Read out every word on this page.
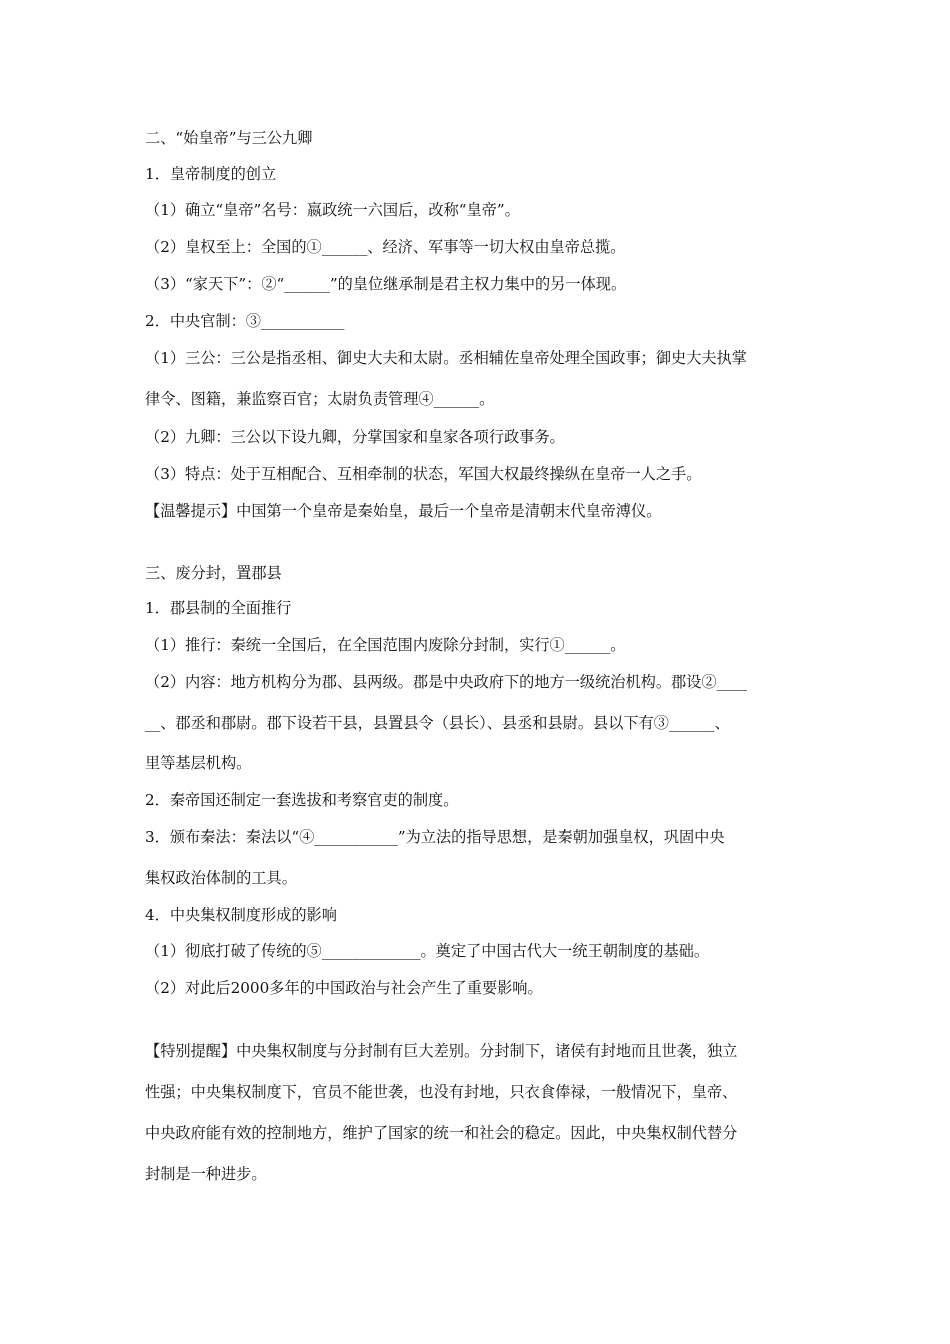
二、“始皇帝”与三公九卿

1．皇帝制度的创立

（1）确立“皇帝”名号：嬴政统一六国后，改称“皇帝”。

（2）皇权至上：全国的①______、经济、军事等一切大权由皇帝总揽。

（3）“家天下”：②“______”的皇位继承制是君主权力集中的另一体现。

2．中央官制：③___________

（1）三公：三公是指丞相、御史大夫和太尉。丞相辅佐皇帝处理全国政事；御史大夫执掌

律令、图籍，兼监察百官；太尉负责管理④______。

（2）九卿：三公以下设九卿，分掌国家和皇家各项行政事务。

（3）特点：处于互相配合、互相牵制的状态，军国大权最终操纵在皇帝一人之手。

【温馨提示】中国第一个皇帝是秦始皇，最后一个皇帝是清朝末代皇帝溥仪。

三、废分封，置郡县

1．郡县制的全面推行

（1）推行：秦统一全国后，在全国范围内废除分封制，实行①______。

（2）内容：地方机构分为郡、县两级。郡是中央政府下的地方一级统治机构。郡设②____

__、郡丞和郡尉。郡下设若干县，县置县令（县长）、县丞和县尉。县以下有③______、

里等基层机构。

2．秦帝国还制定一套选拔和考察官吏的制度。

3．颁布秦法：秦法以“④___________”为立法的指导思想，是秦朝加强皇权，巩固中央

集权政治体制的工具。

4．中央集权制度形成的影响

（1）彻底打破了传统的⑤_____________。奠定了中国古代大一统王朝制度的基础。

（2）对此后2000多年的中国政治与社会产生了重要影响。

【特别提醒】中央集权制度与分封制有巨大差别。分封制下，诸侯有封地而且世袭，独立

性强；中央集权制度下，官员不能世袭，也没有封地，只衣食俸禄，一般情况下，皇帝、

中央政府能有效的控制地方，维护了国家的统一和社会的稳定。因此，中央集权制代替分

封制是一种进步。
